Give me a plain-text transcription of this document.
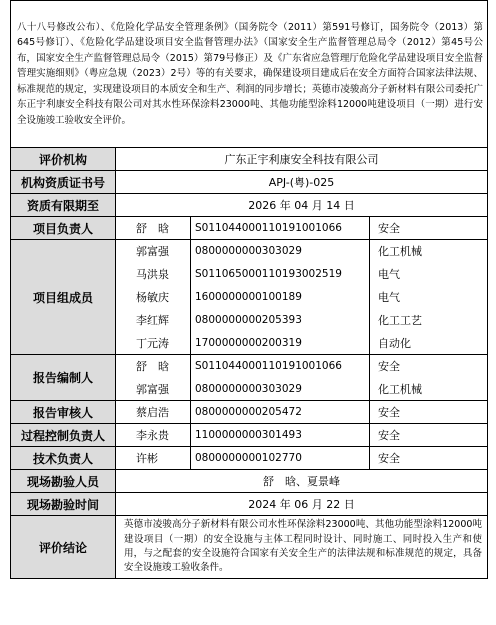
八十八号修改公布）、《危险化学品安全管理条例》（国务院令（2011）第591号修订，国务院令（2013）第645号修订）、《危险化学品建设项目安全监督管理办法》（国家安全生产监督管理总局令（2012）第45号公布，国家安全生产监督管理总局令（2015）第79号修正）及《广东省应急管理厅危险化学品建设项目安全监督管理实施细则》（粤应急规（2023）2号）等的有关要求，确保建设项目建成后在安全方面符合国家法律法规、标准规范的规定，实现建设项目的本质安全和生产、利润的同步增长；英德市凌骏高分子新材料有限公司委托广东正宇利康安全科技有限公司对其水性环保涂料23000吨、其他功能型涂料12000吨建设项目（一期）进行安全设施竣工验收安全评价。			
评价机构	广东正宇利康安全科技有限公司		
机构资质证书号	APJ-(粤)-025		
资质有限期至	2026 年 04 月 14 日		
项目负责人	舒　晗	S011044000110191001066	安全
项目组成员	郭富强	0800000000303029	化工机械
	马洪泉	S011065000110193002519	电气
	杨敏庆	1600000000100189	电气
	李红辉	0800000000205393	化工工艺
	丁元涛	1700000000200319	自动化
报告编制人	舒　晗	S011044000110191001066	安全
	郭富强	0800000000303029	化工机械
报告审核人	蔡启浩	0800000000205472	安全
过程控制负责人	李永贵	1100000000301493	安全
技术负责人	许彬	0800000000102770	安全
现场勘验人员	舒　晗、夏景峰		
现场勘验时间	2024 年 06 月 22 日		
评价结论	英德市凌骏高分子新材料有限公司水性环保涂料23000吨、其他功能型涂料12000吨建设项目（一期）的安全设施与主体工程同时设计、同时施工、同时投入生产和使用，与之配套的安全设施符合国家有关安全生产的法律法规和标准规范的规定，具备安全设施竣工验收条件。		
